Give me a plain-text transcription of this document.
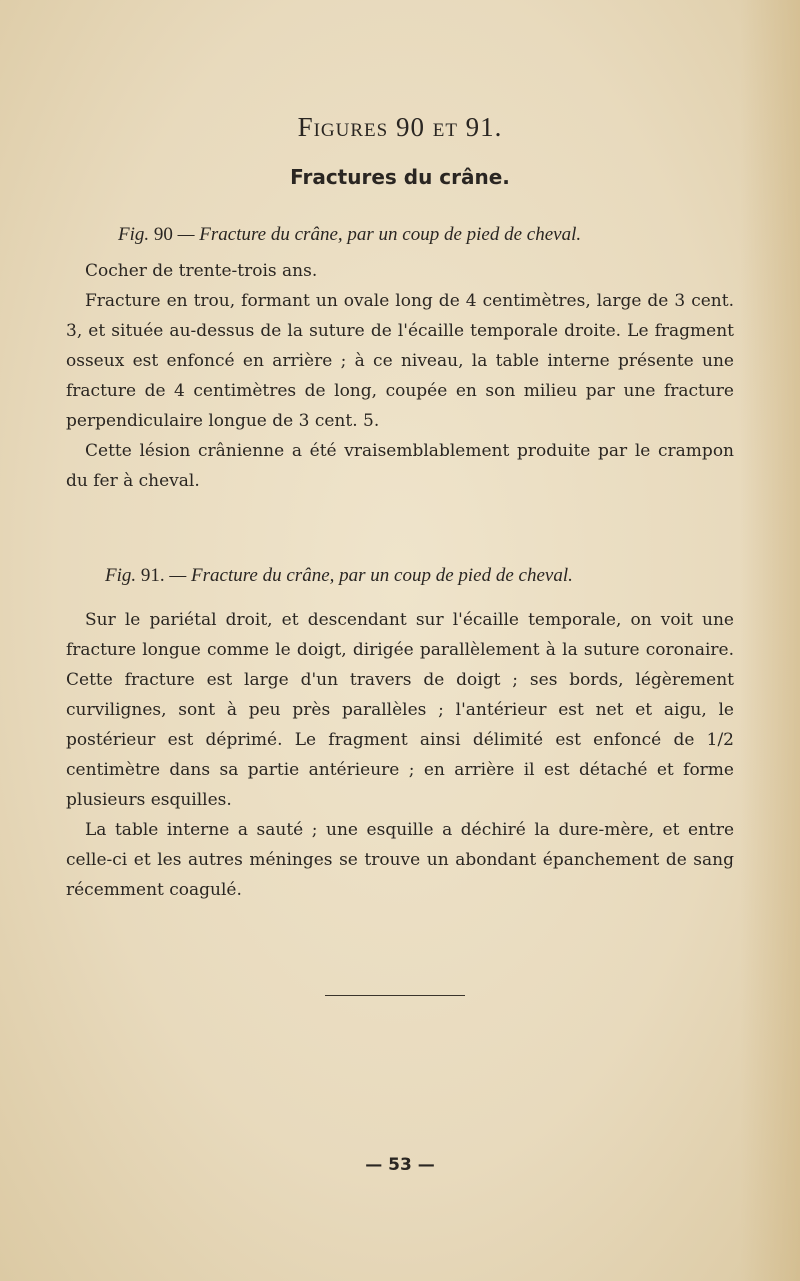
Figures 90 et 91.
Fractures du crâne.
Fig. 90 — Fracture du crâne, par un coup de pied de cheval.

Cocher de trente-trois ans.

Fracture en trou, formant un ovale long de 4 centimètres, large de 3 cent. 3, et située au-dessus de la suture de l'écaille temporale droite. Le fragment osseux est enfoncé en arrière ; à ce niveau, la table interne présente une fracture de 4 centimètres de long, coupée en son milieu par une fracture perpendiculaire longue de 3 cent. 5.

Cette lésion crânienne a été vraisemblablement produite par le crampon du fer à cheval.

Fig. 91. — Fracture du crâne, par un coup de pied de cheval.

Sur le pariétal droit, et descendant sur l'écaille temporale, on voit une fracture longue comme le doigt, dirigée parallèlement à la suture coronaire. Cette fracture est large d'un travers de doigt ; ses bords, légèrement curvilignes, sont à peu près parallèles ; l'antérieur est net et aigu, le postérieur est déprimé. Le fragment ainsi délimité est enfoncé de 1/2 centimètre dans sa partie antérieure ; en arrière il est détaché et forme plusieurs esquilles.

La table interne a sauté ; une esquille a déchiré la dure-mère, et entre celle-ci et les autres méninges se trouve un abondant épanchement de sang récemment coagulé.

— 53 —
